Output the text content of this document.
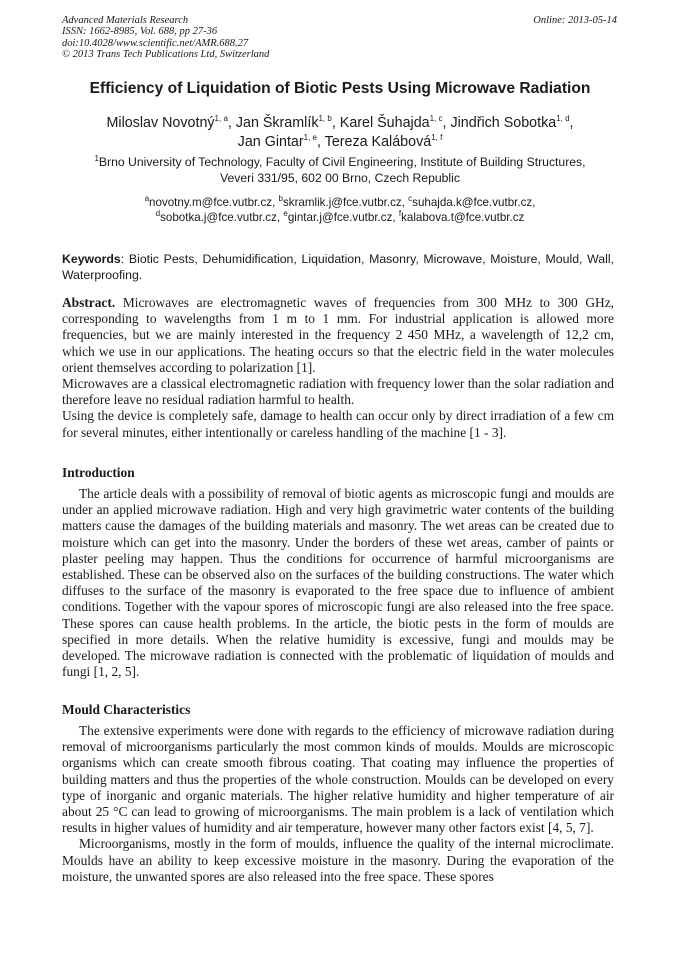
Advanced Materials Research
ISSN: 1662-8985, Vol. 688, pp 27-36
doi:10.4028/www.scientific.net/AMR.688.27
© 2013 Trans Tech Publications Ltd, Switzerland
Online: 2013-05-14
Efficiency of Liquidation of Biotic Pests Using Microwave Radiation
Miloslav Novotný$^{1, a}$, Jan Škramlík$^{1, b}$, Karel Šuhajda$^{1, c}$, Jindřich Sobotka$^{1, d}$,
Jan Gintar$^{1, e}$, Tereza Kalábová$^{1, f}$
$^1$Brno University of Technology, Faculty of Civil Engineering, Institute of Building Structures,
Veveri 331/95, 602 00 Brno, Czech Republic
$^a$novotny.m@fce.vutbr.cz, $^b$skramlik.j@fce.vutbr.cz, $^c$suhajda.k@fce.vutbr.cz,
$^d$sobotka.j@fce.vutbr.cz, $^e$gintar.j@fce.vutbr.cz, $^f$kalabova.t@fce.vutbr.cz
Keywords: Biotic Pests, Dehumidification, Liquidation, Masonry, Microwave, Moisture, Mould, Wall, Waterproofing.

Abstract. Microwaves are electromagnetic waves of frequencies from 300 MHz to 300 GHz, corresponding to wavelengths from 1 m to 1 mm. For industrial application is allowed more frequencies, but we are mainly interested in the frequency 2 450 MHz, a wavelength of 12,2 cm, which we use in our applications. The heating occurs so that the electric field in the water molecules orient themselves according to polarization [1].

Microwaves are a classical electromagnetic radiation with frequency lower than the solar radiation and therefore leave no residual radiation harmful to health.

Using the device is completely safe, damage to health can occur only by direct irradiation of a few cm for several minutes, either intentionally or careless handling of the machine [1 - 3].

Introduction

The article deals with a possibility of removal of biotic agents as microscopic fungi and moulds are under an applied microwave radiation. High and very high gravimetric water contents of the building matters cause the damages of the building materials and masonry. The wet areas can be created due to moisture which can get into the masonry. Under the borders of these wet areas, camber of paints or plaster peeling may happen. Thus the conditions for occurrence of harmful microorganisms are established. These can be observed also on the surfaces of the building constructions. The water which diffuses to the surface of the masonry is evaporated to the free space due to influence of ambient conditions. Together with the vapour spores of microscopic fungi are also released into the free space. These spores can cause health problems. In the article, the biotic pests in the form of moulds are specified in more details. When the relative humidity is excessive, fungi and moulds may be developed. The microwave radiation is connected with the problematic of liquidation of moulds and fungi [1, 2, 5].

Mould Characteristics

The extensive experiments were done with regards to the efficiency of microwave radiation during removal of microorganisms particularly the most common kinds of moulds. Moulds are microscopic organisms which can create smooth fibrous coating. That coating may influence the properties of building matters and thus the properties of the whole construction. Moulds can be developed on every type of inorganic and organic materials. The higher relative humidity and higher temperature of air about 25 °C can lead to growing of microorganisms. The main problem is a lack of ventilation which results in higher values of humidity and air temperature, however many other factors exist [4, 5, 7].

Microorganisms, mostly in the form of moulds, influence the quality of the internal microclimate. Moulds have an ability to keep excessive moisture in the masonry. During the evaporation of the moisture, the unwanted spores are also released into the free space. These spores
